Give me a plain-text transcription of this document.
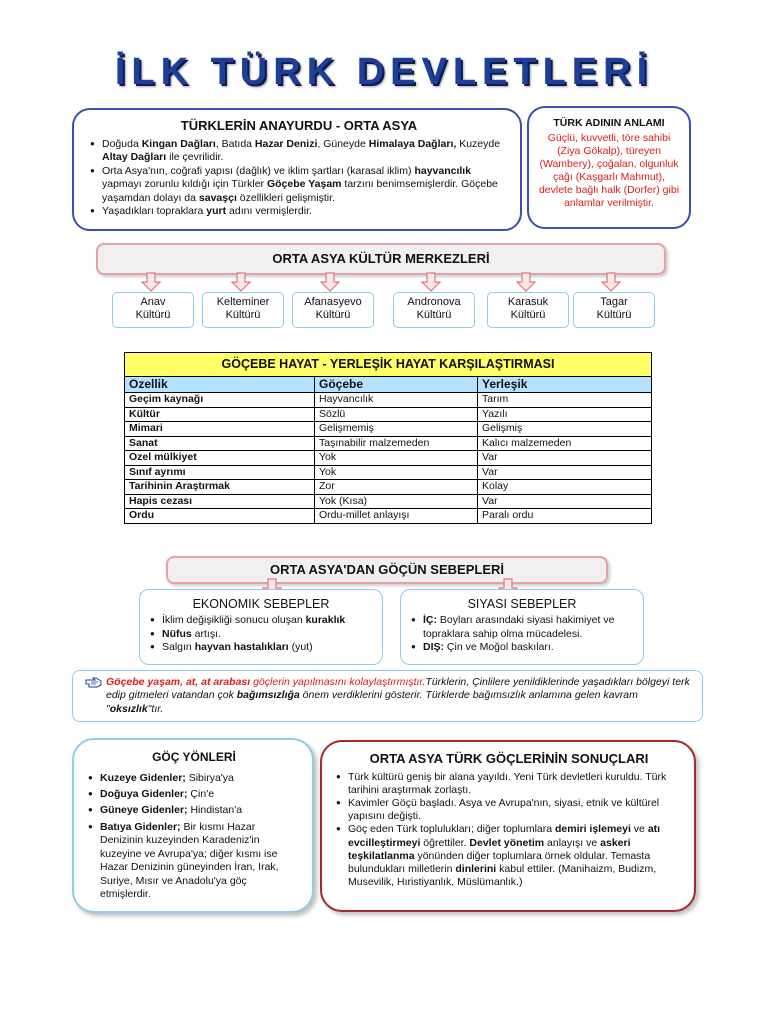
İLK TÜRK DEVLETLERİ
TÜRKLERİN ANAYURDU - ORTA ASYA
● Doğuda Kingan Dağları, Batıda Hazar Denizi, Güneyde Himalaya Dağları, Kuzeyde Altay Dağları ile çevrilidir.
● Orta Asya'nın, coğrafi yapısı (dağlık) ve iklim şartları (karasal iklim) hayvancılık yapmayı zorunlu kıldığı için Türkler Göçebe Yaşam tarzını benimsemişlerdir. Göçebe yaşamdan dolayı da savaşçı özellikleri gelişmiştir.
● Yaşadıkları topraklara yurt adını vermişlerdir.
TÜRK ADININ ANLAMI
Güçlü, kuvvetli, töre sahibi (Ziya Gökalp), türeyen (Wambery), çoğalan, olgunluk çağı (Kaşgarlı Mahmut), devlete bağlı halk (Dorfer) gibi anlamlar verilmiştir.
ORTA ASYA KÜLTÜR MERKEZLERİ
Anav
Kültürü
Kelteminer
Kültürü
Afanasyevo
Kültürü
Andronova
Kültürü
Karasuk
Kültürü
Tagar
Kültürü
GÖÇEBE HAYAT - YERLEŞİK HAYAT KARŞILAŞTIRMASI		
Ozellik	Göçebe	Yerleşik
Geçim kaynağı	Hayvancılık	Tarım
Kültür	Sözlü	Yazılı
Mimari	Gelişmemiş	Gelişmiş
Sanat	Taşınabilir malzemeden	Kalıcı malzemeden
Ozel mülkiyet	Yok	Var
Sınıf ayrımı	Yok	Var
Tarihinin Araştırmak	Zor	Kolay
Hapis cezası	Yok (Kısa)	Var
Ordu	Ordu-millet anlayışı	Paralı ordu
ORTA ASYA'DAN GÖÇÜN SEBEPLERİ
EKONOMIK SEBEPLER
● İklim değişikliği sonucu oluşan kuraklık
● Nüfus artışı.
● Salgın hayvan hastalıkları (yut)
SIYASI SEBEPLER
● İÇ: Boyları arasındaki siyasi hakimiyet ve topraklara sahip olma mücadelesi.
● DIŞ: Çin ve Moğol baskıları.
Göçebe yaşam, at, at arabası göçlerin yapılmasını kolaylaştırmıştır.Türklerin, Çinlilere yenildiklerinde yaşadıkları bölgeyi terk edip gitmeleri vatandan çok bağımsızlığa önem verdiklerini gösterir. Türklerde bağımsızlık anlamına gelen kavram "oksızlık"tır.
GÖÇ YÖNLERİ
● Kuzeye Gidenler; Sibirya'ya
● Doğuya Gidenler; Çin'e
● Güneye Gidenler; Hindistan'a
● Batıya Gidenler; Bir kısmı Hazar Denizinin kuzeyinden Karadeniz'in kuzeyine ve Avrupa'ya; diğer kısmı ise Hazar Denizinin güneyinden İran, Irak, Suriye, Mısır ve Anadolu'ya göç etmişlerdir.
ORTA ASYA TÜRK GÖÇLERİNİN SONUÇLARI
● Türk kültürü geniş bir alana yayıldı. Yeni Türk devletleri kuruldu. Türk tarihini araştırmak zorlaştı.
● Kavimler Göçü başladı. Asya ve Avrupa'nın, siyasi, etnik ve kültürel yapısını değişti.
● Göç eden Türk toplulukları; diğer toplumlara demiri işlemeyi ve atı evcilleştirmeyi öğrettiler. Devlet yönetim anlayışı ve askeri teşkilatlanma yönünden diğer toplumlara örnek oldular. Temasta bulundukları milletlerin dinlerini kabul ettiler. (Manihaizm, Budizm, Musevilik, Hıristiyanlık, Müslümanlık.)
